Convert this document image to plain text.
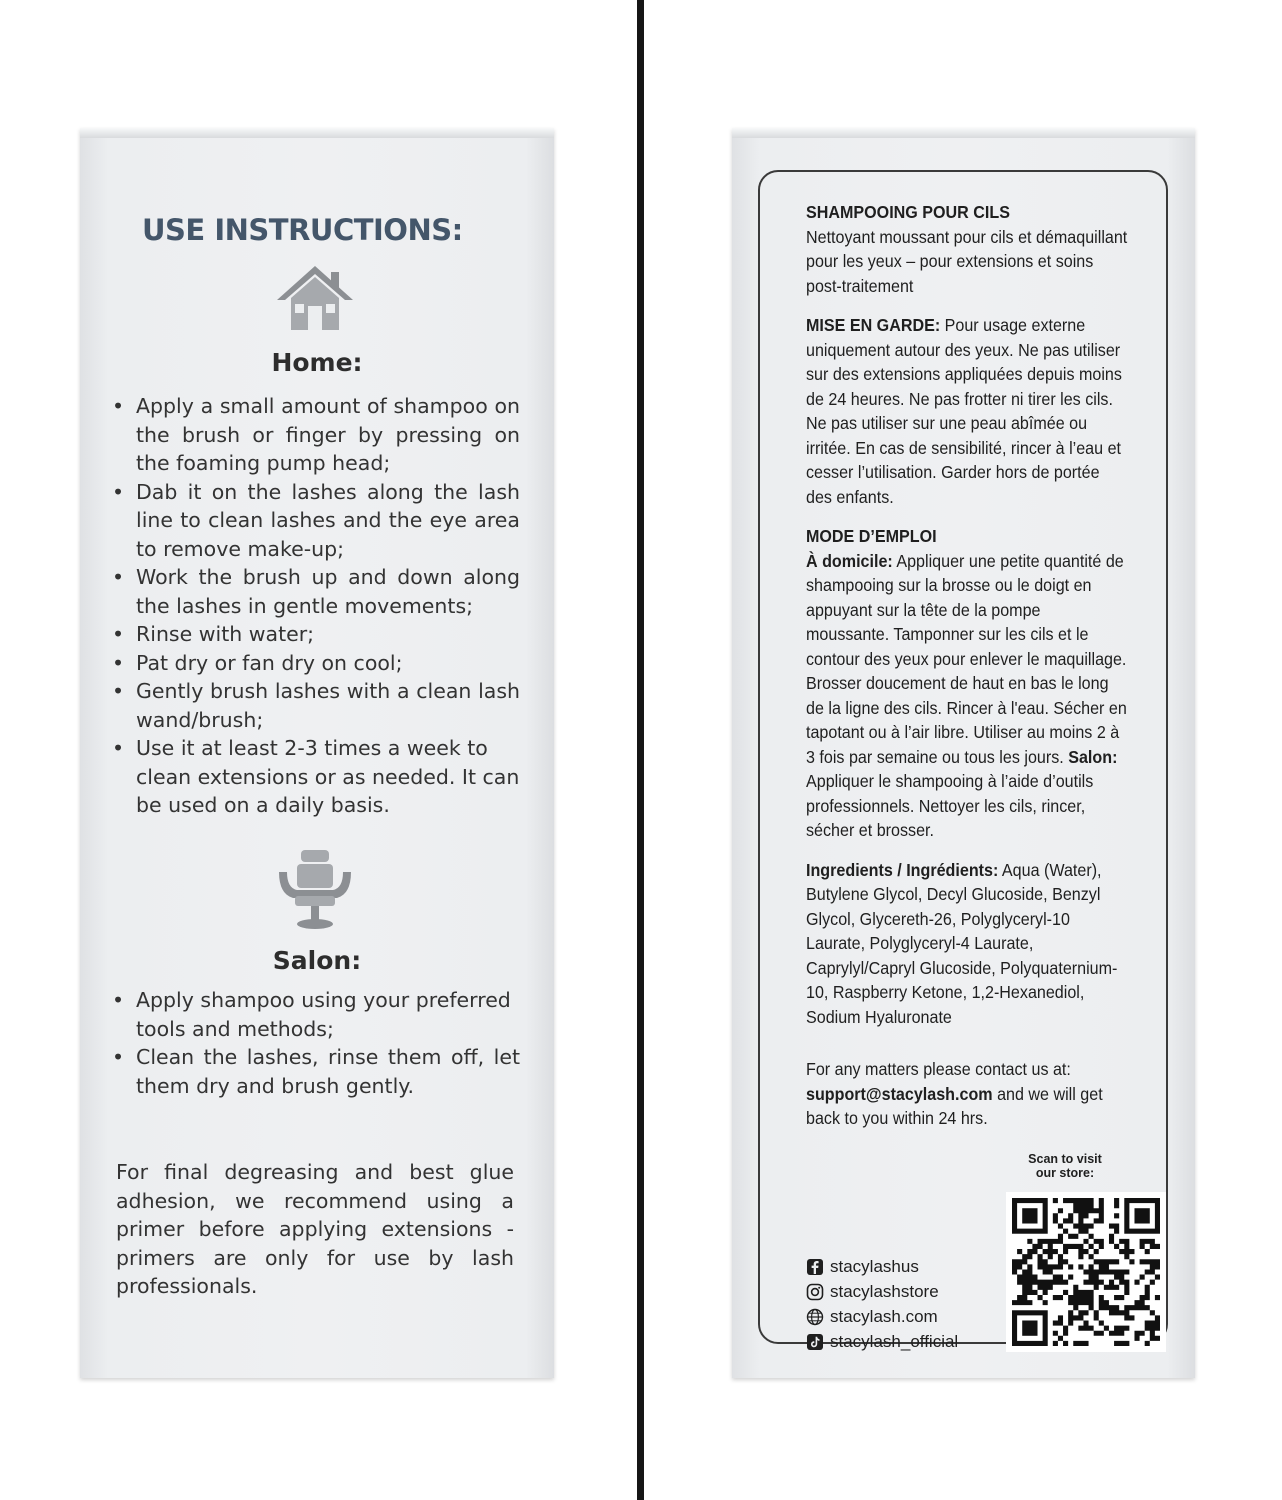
USE INSTRUCTIONS:
Home:
• Apply a small amount of shampoo on the brush or finger by pressing on the foaming pump head;
• Dab it on the lashes along the lash line to clean lashes and the eye area to remove make-up;
• Work the brush up and down along the lashes in gentle movements;
• Rinse with water;
• Pat dry or fan dry on cool;
• Gently brush lashes with a clean lash wand/brush;
• Use it at least 2-3 times a week to clean extensions or as needed. It can be used on a daily basis.
Salon:
• Apply shampoo using your preferred tools and methods;
• Clean the lashes, rinse them off, let them dry and brush gently.
For final degreasing and best glue adhesion, we recommend using a primer before applying extensions - primers are only for use by lash professionals.

SHAMPOOING POUR CILS
Nettoyant moussant pour cils et démaquillant pour les yeux – pour extensions et soins post-traitement

MISE EN GARDE: Pour usage externe uniquement autour des yeux. Ne pas utiliser sur des extensions appliquées depuis moins de 24 heures. Ne pas frotter ni tirer les cils. Ne pas utiliser sur une peau abîmée ou irritée. En cas de sensibilité, rincer à l’eau et cesser l’utilisation. Garder hors de portée des enfants.

MODE D’EMPLOI
À domicile: Appliquer une petite quantité de shampooing sur la brosse ou le doigt en appuyant sur la tête de la pompe moussante. Tamponner sur les cils et le contour des yeux pour enlever le maquillage. Brosser doucement de haut en bas le long de la ligne des cils. Rincer à l'eau. Sécher en tapotant ou à l’air libre. Utiliser au moins 2 à 3 fois par semaine ou tous les jours. Salon: Appliquer le shampooing à l’aide d’outils professionnels. Nettoyer les cils, rincer, sécher et brosser.

Ingredients / Ingrédients: Aqua (Water), Butylene Glycol, Decyl Glucoside, Benzyl Glycol, Glycereth-26, Polyglyceryl-10 Laurate, Polyglyceryl-4 Laurate, Caprylyl/Capryl Glucoside, Polyquaternium-10, Raspberry Ketone, 1,2-Hexanediol, Sodium Hyaluronate

For any matters please contact us at:
support@stacylash.com and we will get back to you within 24 hrs.

Scan to visit our store:
stacylashus
stacylashstore
stacylash.com
stacylash_official
